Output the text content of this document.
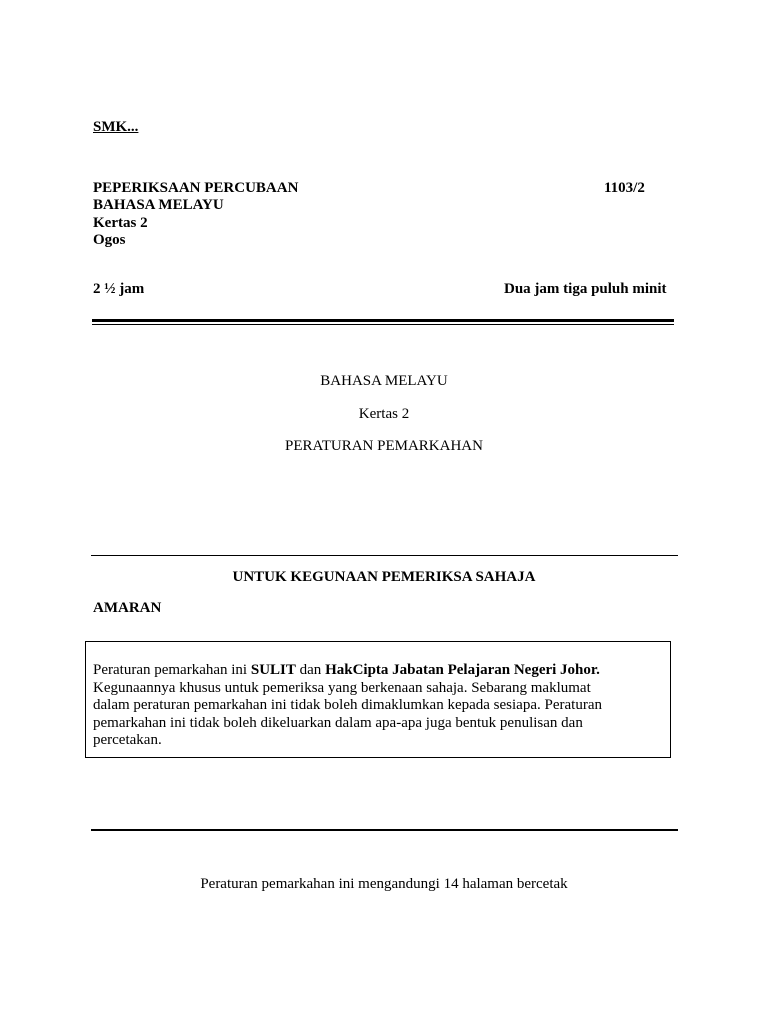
SMK...
PEPERIKSAAN PERCUBAAN
BAHASA MELAYU
Kertas 2
Ogos
1103/2
2 ½ jam	Dua jam tiga puluh minit
BAHASA MELAYU
Kertas 2
PERATURAN PEMARKAHAN
UNTUK KEGUNAAN PEMERIKSA SAHAJA
AMARAN
Peraturan pemarkahan ini SULIT dan HakCipta Jabatan Pelajaran Negeri Johor.
Kegunaannya khusus untuk pemeriksa yang berkenaan sahaja. Sebarang maklumat
dalam peraturan pemarkahan ini tidak boleh dimaklumkan kepada sesiapa. Peraturan
pemarkahan ini tidak boleh dikeluarkan dalam apa-apa juga bentuk penulisan dan
percetakan.
Peraturan pemarkahan ini mengandungi 14 halaman bercetak
